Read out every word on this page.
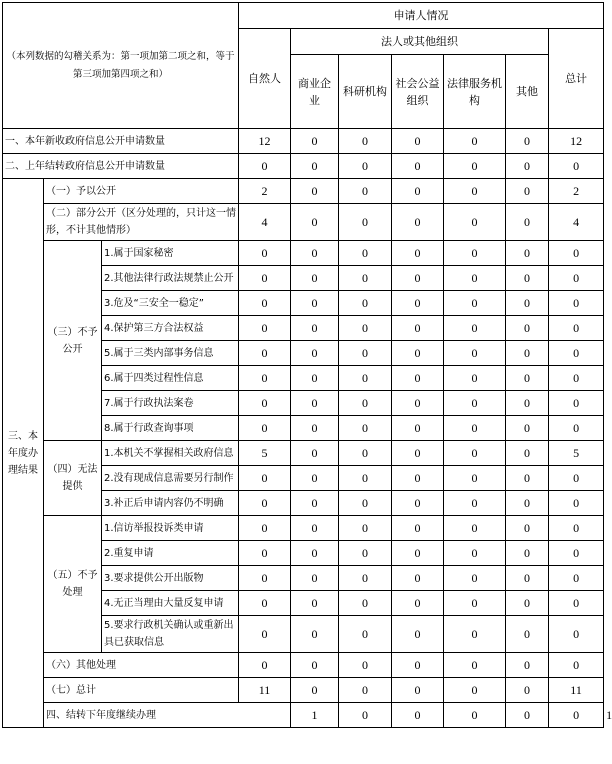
（本列数据的勾稽关系为：第一项加第二项之和，等于第三项加第四项之和）			申请人情况							
			自然人	法人或其他组织					总计	
				商业企业	科研机构	社会公益组织	法律服务机构	其他		
一、本年新收政府信息公开申请数量			12	0	0	0	0	0	12	
二、上年结转政府信息公开申请数量			0	0	0	0	0	0	0	
三、本年度办理结果	（一）予以公开		2	0	0	0	0	0	2	
	（二）部分公开（区分处理的，只计这一情形，不计其他情形）		4	0	0	0	0	0	4	
	（三）不予公开	1.属于国家秘密	0	0	0	0	0	0	0	
		2.其他法律行政法规禁止公开	0	0	0	0	0	0	0	
		3.危及“三安全一稳定”	0	0	0	0	0	0	0	
		4.保护第三方合法权益	0	0	0	0	0	0	0	
		5.属于三类内部事务信息	0	0	0	0	0	0	0	
		6.属于四类过程性信息	0	0	0	0	0	0	0	
		7.属于行政执法案卷	0	0	0	0	0	0	0	
		8.属于行政查询事项	0	0	0	0	0	0	0	
	（四）无法提供	1.本机关不掌握相关政府信息	5	0	0	0	0	0	5	
		2.没有现成信息需要另行制作	0	0	0	0	0	0	0	
		3.补正后申请内容仍不明确	0	0	0	0	0	0	0	
	（五）不予处理	1.信访举报投诉类申请	0	0	0	0	0	0	0	
		2.重复申请	0	0	0	0	0	0	0	
		3.要求提供公开出版物	0	0	0	0	0	0	0	
		4.无正当理由大量反复申请	0	0	0	0	0	0	0	
		5.要求行政机关确认或重新出具已获取信息	0	0	0	0	0	0	0	
	（六）其他处理		0	0	0	0	0	0	0	
	（七）总计		11	0	0	0	0	0	11	
	四、结转下年度继续办理			1	0	0	0	0	0	1
